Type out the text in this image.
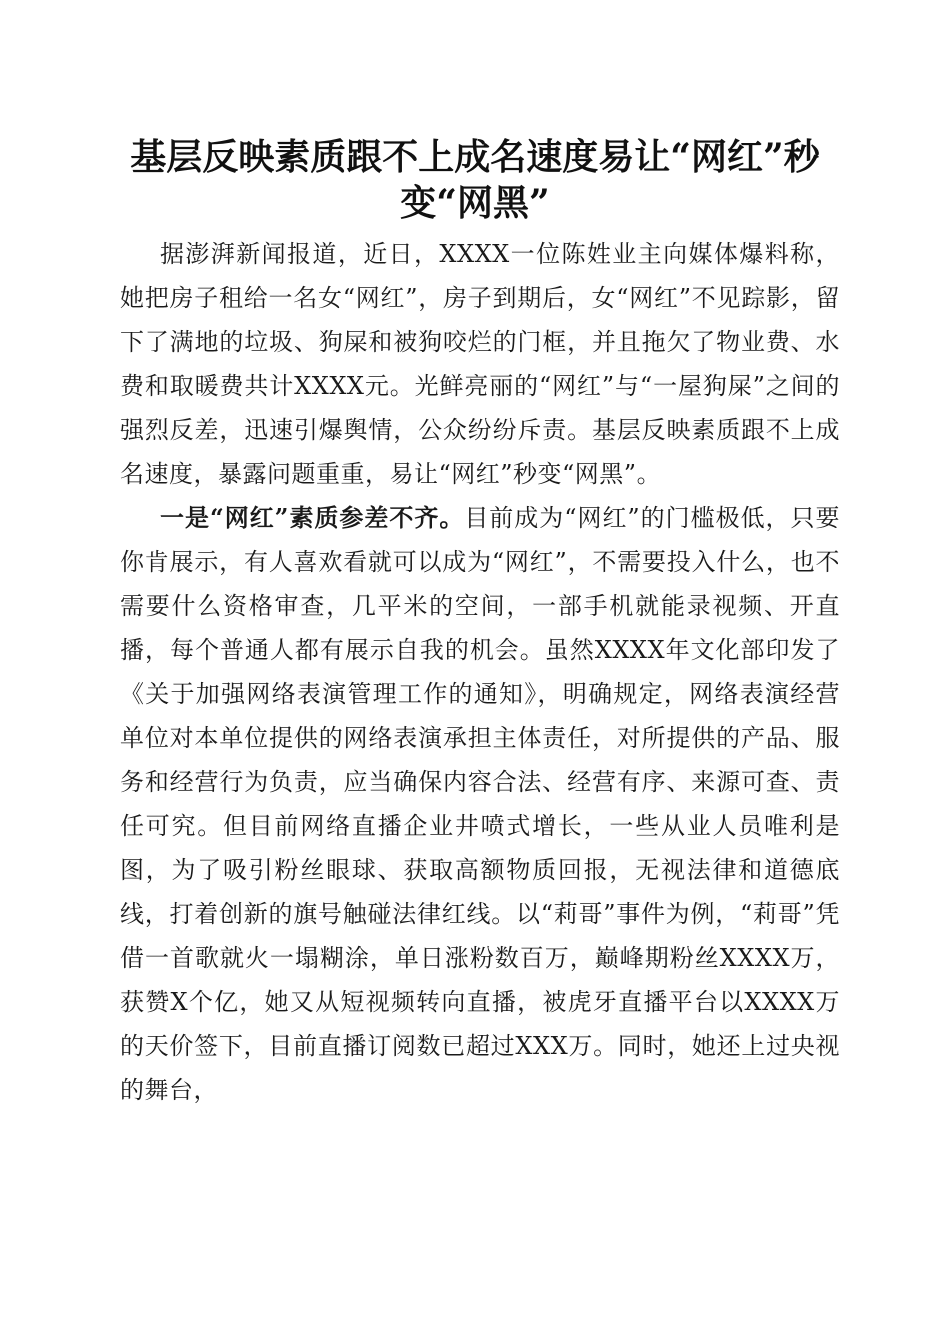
基层反映素质跟不上成名速度易让“网红”秒
变“网黑”

据澎湃新闻报道，近日，XXXX一位陈姓业主向媒体爆料称，她把房子租给一名女“网红”，房子到期后，女“网红”不见踪影，留下了满地的垃圾、狗屎和被狗咬烂的门框，并且拖欠了物业费、水费和取暖费共计XXXX元。光鲜亮丽的“网红”与“一屋狗屎”之间的强烈反差，迅速引爆舆情，公众纷纷斥责。基层反映素质跟不上成名速度，暴露问题重重，易让“网红”秒变“网黑”。

一是“网红”素质参差不齐。目前成为“网红”的门槛极低，只要你肯展示，有人喜欢看就可以成为“网红”，不需要投入什么，也不需要什么资格审查，几平米的空间，一部手机就能录视频、开直播，每个普通人都有展示自我的机会。虽然XXXX年文化部印发了《关于加强网络表演管理工作的通知》，明确规定，网络表演经营单位对本单位提供的网络表演承担主体责任，对所提供的产品、服务和经营行为负责，应当确保内容合法、经营有序、来源可查、责任可究。但目前网络直播企业井喷式增长，一些从业人员唯利是图，为了吸引粉丝眼球、获取高额物质回报，无视法律和道德底线，打着创新的旗号触碰法律红线。以“莉哥”事件为例，“莉哥”凭借一首歌就火一塌糊涂，单日涨粉数百万，巅峰期粉丝XXXX万，获赞X个亿，她又从短视频转向直播，被虎牙直播平台以XXXX万的天价签下，目前直播订阅数已超过XXX万。同时，她还上过央视的舞台，
